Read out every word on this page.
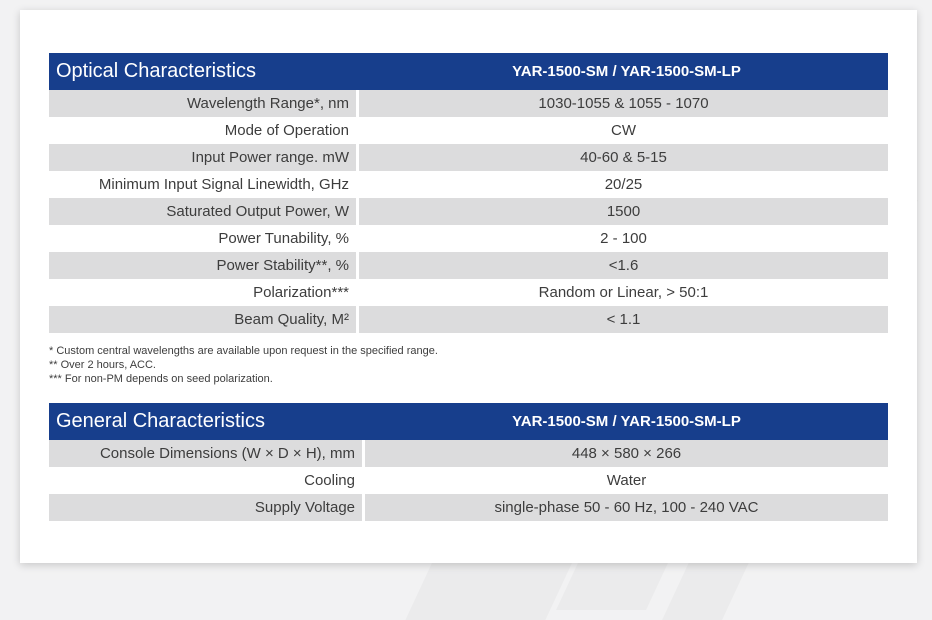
Optical Characteristics	YAR-1500-SM / YAR-1500-SM-LP
Wavelength Range*, nm	1030-1055 & 1055 - 1070
Mode of Operation	CW
Input Power range. mW	40-60 & 5-15
Minimum Input Signal Linewidth, GHz	20/25
Saturated Output Power, W	1500
Power Tunability, %	2 - 100
Power Stability**, %	<1.6
Polarization***	Random or Linear, > 50:1
Beam Quality, M²	< 1.1
* Custom central wavelengths are available upon request in the specified range.
** Over 2 hours, ACC.
*** For non-PM depends on seed polarization.
General Characteristics	YAR-1500-SM / YAR-1500-SM-LP
Console Dimensions (W × D × H), mm	448 × 580 × 266
Cooling	Water
Supply Voltage	single-phase 50 - 60 Hz, 100 - 240 VAC
